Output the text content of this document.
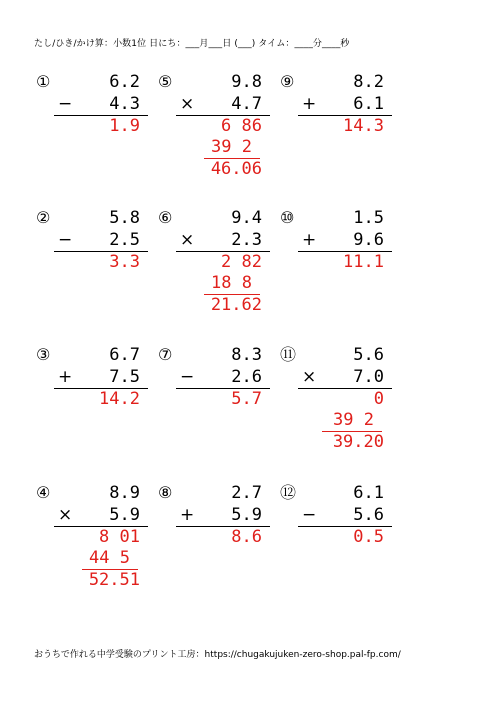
たし/ひき/かけ算：小数1位 日にち：___月___日 (___) タイム：____分____秒
①	6.2
− 4.3
1.9
②	5.8
− 2.5
3.3
③	6.7
+ 7.5
14.2
④	8.9
× 5.9
8 01
44 5
52.51
⑤	9.8
× 4.7
6 86
39 2
46.06
⑥	9.4
× 2.3
2 82
18 8
21.62
⑦	8.3
− 2.6
5.7
⑧	2.7
+ 5.9
8.6
⑨	8.2
+ 6.1
14.3
⑩	1.5
+ 9.6
11.1
⑪	5.6
× 7.0
0
39 2
39.20
⑫	6.1
− 5.6
0.5
おうちで作れる中学受験のプリント工房：https://chugakujuken-zero-shop.pal-fp.com/
